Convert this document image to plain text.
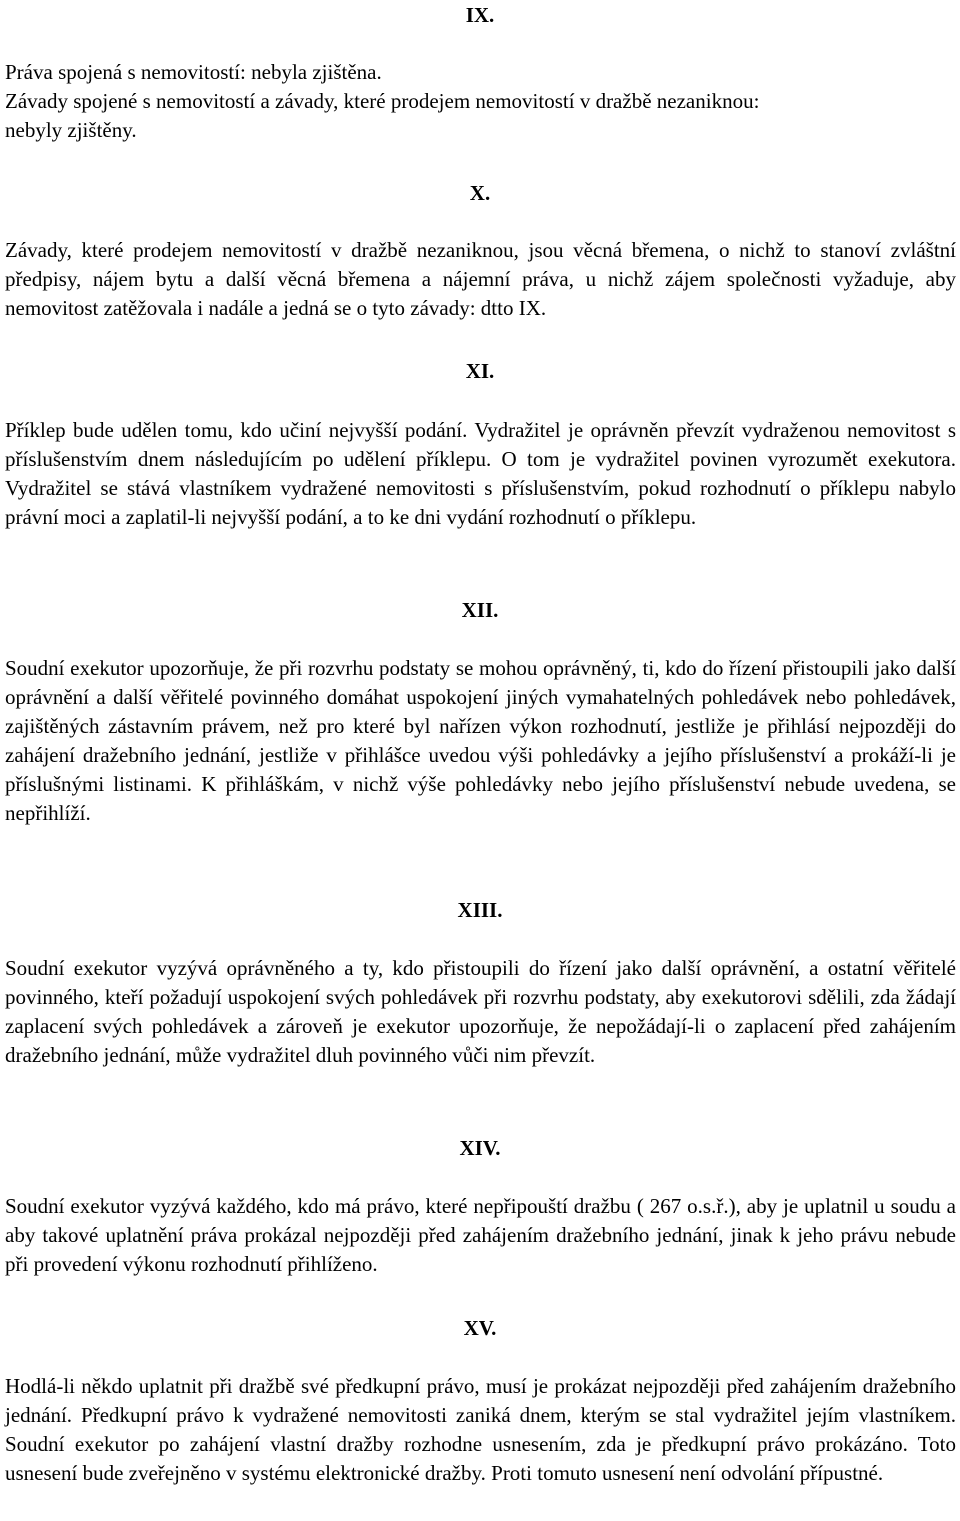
IX.

Práva spojená s nemovitostí: nebyla zjištěna.

Závady spojené s nemovitostí a závady, které prodejem nemovitostí v dražbě nezaniknou:

nebyly zjištěny.

X.

Závady, které prodejem nemovitostí v dražbě nezaniknou, jsou věcná břemena, o nichž to stanoví zvláštní předpisy, nájem bytu a další věcná břemena a nájemní práva, u nichž zájem společnosti vyžaduje, aby nemovitost zatěžovala i nadále a jedná se o tyto závady: dtto IX.

XI.

Příklep bude udělen tomu, kdo učiní nejvyšší podání. Vydražitel je oprávněn převzít vydraženou nemovitost s příslušenstvím dnem následujícím po udělení příklepu. O tom je vydražitel povinen vyrozumět exekutora. Vydražitel se stává vlastníkem vydražené nemovitosti s příslušenstvím, pokud rozhodnutí o příklepu nabylo právní moci a zaplatil-li nejvyšší podání, a to ke dni vydání rozhodnutí o příklepu.

XII.

Soudní exekutor upozorňuje, že při rozvrhu podstaty se mohou oprávněný, ti, kdo do řízení přistoupili jako další oprávnění a další věřitelé povinného domáhat uspokojení jiných vymahatelných pohledávek nebo pohledávek, zajištěných zástavním právem, než pro které byl nařízen výkon rozhodnutí, jestliže je přihlásí nejpozději do zahájení dražebního jednání, jestliže v přihlášce uvedou výši pohledávky a jejího příslušenství a prokáží-li je příslušnými listinami. K přihláškám, v nichž výše pohledávky nebo jejího příslušenství nebude uvedena, se nepřihlíží.

XIII.

Soudní exekutor vyzývá oprávněného a ty, kdo přistoupili do řízení jako další oprávnění, a ostatní věřitelé povinného, kteří požadují uspokojení svých pohledávek při rozvrhu podstaty, aby exekutorovi sdělili, zda žádají zaplacení svých pohledávek a zároveň je exekutor upozorňuje, že nepožádají-li o zaplacení před zahájením dražebního jednání, může vydražitel dluh povinného vůči nim převzít.

XIV.

Soudní exekutor vyzývá každého, kdo má právo, které nepřipouští dražbu ( 267 o.s.ř.), aby je uplatnil u soudu a aby takové uplatnění práva prokázal nejpozději před zahájením dražebního jednání, jinak k jeho právu nebude při provedení výkonu rozhodnutí přihlíženo.

XV.

Hodlá-li někdo uplatnit při dražbě své předkupní právo, musí je prokázat nejpozději před zahájením dražebního jednání. Předkupní právo k vydražené nemovitosti zaniká dnem, kterým se stal vydražitel jejím vlastníkem. Soudní exekutor po zahájení vlastní dražby rozhodne usnesením, zda je předkupní právo prokázáno. Toto usnesení bude zveřejněno v systému elektronické dražby. Proti tomuto usnesení není odvolání přípustné.
